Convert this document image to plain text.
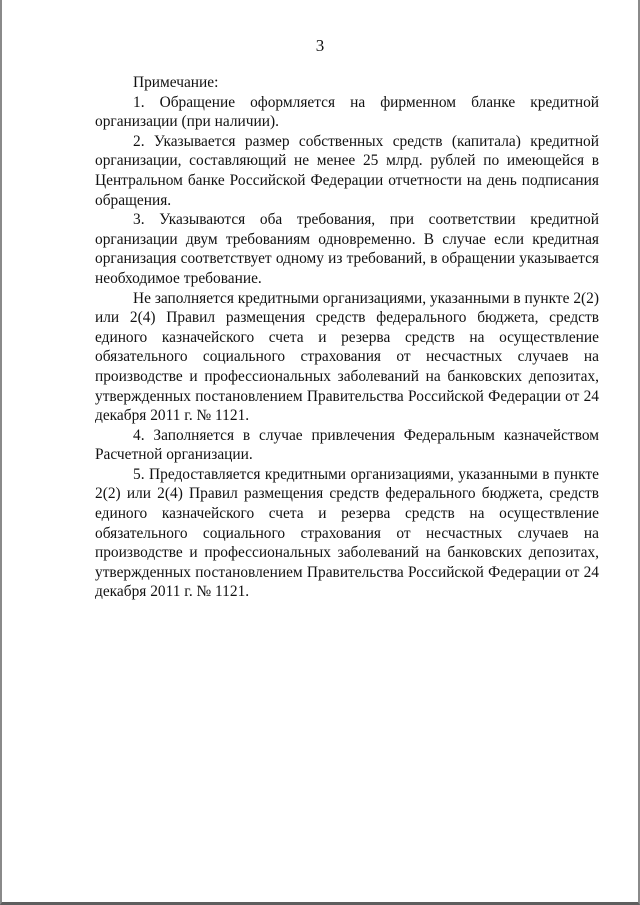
3

Примечание:

1. Обращение оформляется на фирменном бланке кредитной организации (при наличии).

2. Указывается размер собственных средств (капитала) кредитной организации, составляющий не менее 25 млрд. рублей по имеющейся в Центральном банке Российской Федерации отчетности на день подписания обращения.

3. Указываются оба требования, при соответствии кредитной организации двум требованиям одновременно. В случае если кредитная организация соответствует одному из требований, в обращении указывается необходимое требование.

Не заполняется кредитными организациями, указанными в пункте 2(2) или 2(4) Правил размещения средств федерального бюджета, средств единого казначейского счета и резерва средств на осуществление обязательного социального страхования от несчастных случаев на производстве и профессиональных заболеваний на банковских депозитах, утвержденных постановлением Правительства Российской Федерации от 24 декабря 2011 г. № 1121.

4. Заполняется в случае привлечения Федеральным казначейством Расчетной организации.

5. Предоставляется кредитными организациями, указанными в пункте 2(2) или 2(4) Правил размещения средств федерального бюджета, средств единого казначейского счета и резерва средств на осуществление обязательного социального страхования от несчастных случаев на производстве и профессиональных заболеваний на банковских депозитах, утвержденных постановлением Правительства Российской Федерации от 24 декабря 2011 г. № 1121.
